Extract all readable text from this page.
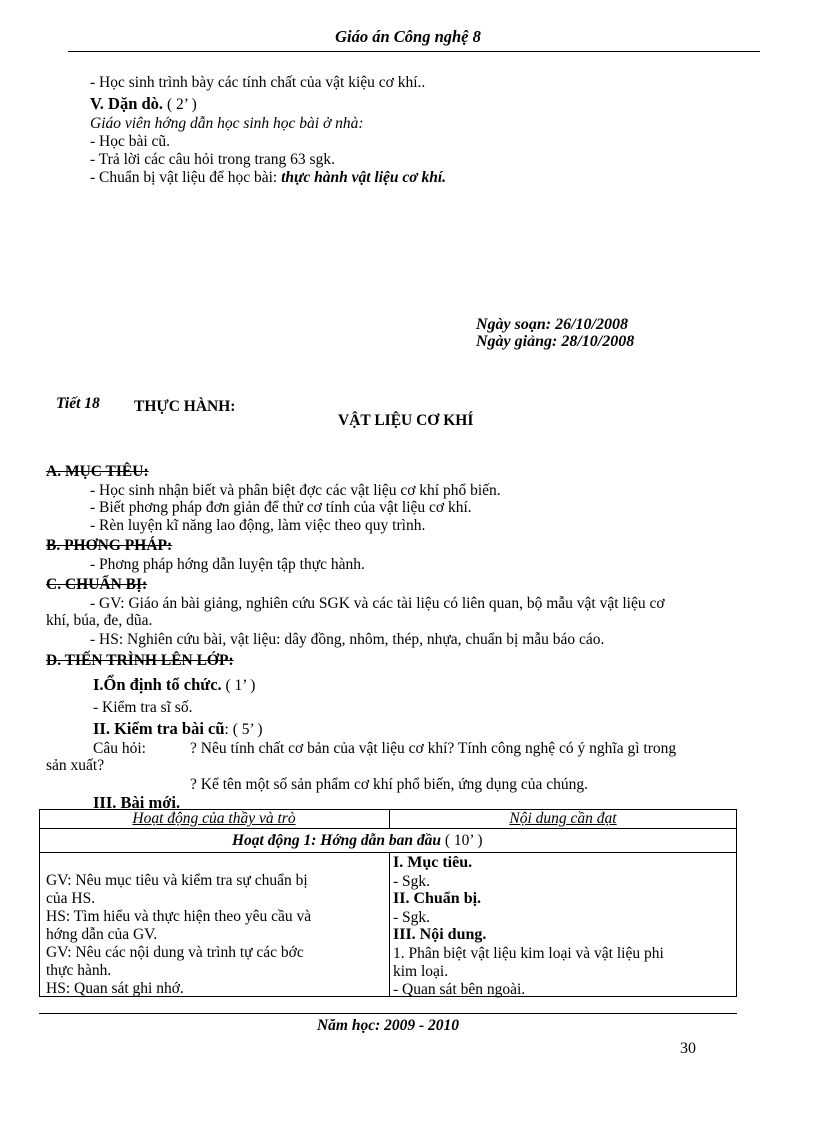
Giáo án Công nghệ 8
- Học sinh trình bày các tính chất của vật kiệu cơ khí..
V. Dặn dò. ( 2’ )
Giáo viên hớng dẫn học sinh học bài ở nhà:
- Học bài cũ.
- Trả lời các câu hỏi trong trang 63 sgk.
- Chuẩn bị vật liệu để học bài: thực hành vật liệu cơ khí.
Ngày soạn: 26/10/2008
Ngày giảng: 28/10/2008
Tiết 18 THỰC HÀNH:
VẬT LIỆU CƠ KHÍ
A. MỤC TIÊU:
- Học sinh nhận biết và phân biệt đợc các vật liệu cơ khí phổ biến.
- Biết phơng pháp đơn giản để thử cơ tính của vật liệu cơ khí.
- Rèn luyện kĩ năng lao động, làm việc theo quy trình.
B. PHƠNG PHÁP:
- Phơng pháp hớng dẫn luyện tập thực hành.
C. CHUẨN BỊ:
- GV: Giáo án bài giảng, nghiên cứu SGK và các tài liệu có liên quan, bộ mẫu vật vật liệu cơ
khí, búa, đe, dũa.
- HS: Nghiên cứu bài, vật liệu: dây đồng, nhôm, thép, nhựa, chuẩn bị mẫu báo cáo.
D. TIẾN TRÌNH LÊN LỚP:
I.Ổn định tổ chức. ( 1’ )
- Kiểm tra sĩ số.
II. Kiểm tra bài cũ: ( 5’ )
Câu hỏi:	? Nêu tính chất cơ bản của vật liệu cơ khí? Tính công nghệ có ý nghĩa gì trong
sản xuất?
? Kể tên một số sản phẩm cơ khí phổ biến, ứng dụng của chúng.
III. Bài mới.
Hoạt động của thầy và trò	Nội dung cần đạt
Hoạt động 1: Hớng dẫn ban đầu ( 10’ )
GV: Nêu mục tiêu và kiểm tra sự chuẩn bị
của HS.
HS: Tìm hiểu và thực hiện theo yêu cầu và
hớng dẫn của GV.
GV: Nêu các nội dung và trình tự các bớc
thực hành.
HS: Quan sát ghi nhớ.
I. Mục tiêu.
- Sgk.
II. Chuẩn bị.
- Sgk.
III. Nội dung.
1. Phân biệt vật liệu kim loại và vật liệu phi
kim loại.
- Quan sát bên ngoài.
Năm học: 2009 - 2010
30
